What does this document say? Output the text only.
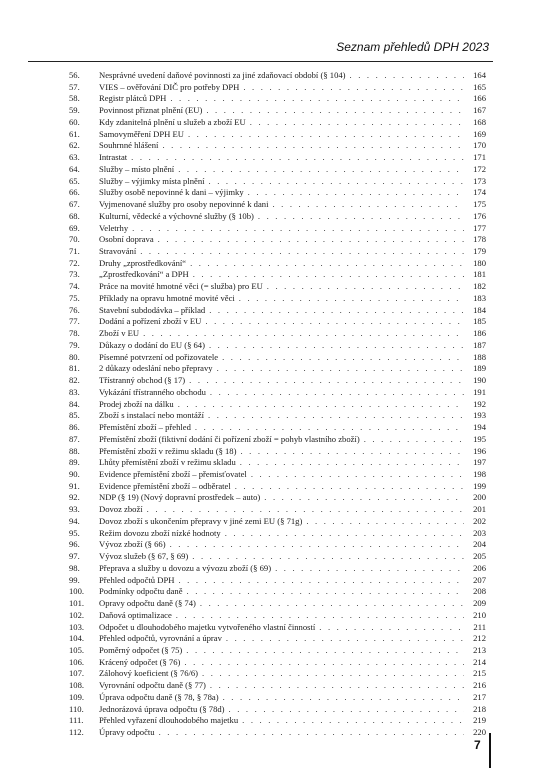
Seznam přehledů DPH 2023
56.	Nesprávné uvedení daňové povinnosti za jiné zdaňovací období (§ 104) . . .	164
57.	VIES – ověřování DIČ pro potřeby DPH . . .	165
58.	Registr plátců DPH . . .	166
59.	Povinnost přiznat plnění (EU) . . .	167
60.	Kdy zdanitelná plnění u služeb a zboží EU . . .	168
61.	Samovyměření DPH EU . . .	169
62.	Souhrnné hlášení . . .	170
63.	Intrastat . . .	171
64.	Služby – místo plnění . . .	172
65.	Služby – výjimky místa plnění . . .	173
66.	Služby osobě nepovinné k dani – výjimky . . .	174
67.	Vyjmenované služby pro osoby nepovinné k dani . . .	175
68.	Kulturní, vědecké a výchovné služby (§ 10b) . . .	176
69.	Veletrhy . . .	177
70.	Osobní doprava . . .	178
71.	Stravování . . .	179
72.	Druhy „zprostředkování“ . . .	180
73.	„Zprostředkování“ a DPH . . .	181
74.	Práce na movité hmotné věci (= služba) pro EU . . .	182
75.	Příklady na opravu hmotné movité věci . . .	183
76.	Stavební subdodávka – příklad . . .	184
77.	Dodání a pořízení zboží v EU . . .	185
78.	Zboží v EU . . .	186
79.	Důkazy o dodání do EU (§ 64) . . .	187
80.	Písemné potvrzení od pořizovatele . . .	188
81.	2 důkazy odeslání nebo přepravy . . .	189
82.	Třístranný obchod (§ 17) . . .	190
83.	Vykázání třístranného obchodu . . .	191
84.	Prodej zboží na dálku . . .	192
85.	Zboží s instalací nebo montáží . . .	193
86.	Přemístění zboží – přehled . . .	194
87.	Přemístění zboží (fiktivní dodání či pořízení zboží = pohyb vlastního zboží) . . .	195
88.	Přemístění zboží v režimu skladu (§ 18) . . .	196
89.	Lhůty přemístění zboží v režimu skladu . . .	197
90.	Evidence přemístění zboží – přemisťovatel . . .	198
91.	Evidence přemístění zboží – odběratel . . .	199
92.	NDP (§ 19) (Nový dopravní prostředek – auto) . . .	200
93.	Dovoz zboží . . .	201
94.	Dovoz zboží s ukončením přepravy v jiné zemi EU (§ 71g) . . .	202
95.	Režim dovozu zboží nízké hodnoty . . .	203
96.	Vývoz zboží (§ 66) . . .	204
97.	Vývoz služeb (§ 67, § 69) . . .	205
98.	Přeprava a služby u dovozu a vývozu zboží (§ 69) . . .	206
99.	Přehled odpočtů DPH . . .	207
100.	Podmínky odpočtu daně . . .	208
101.	Opravy odpočtu daně (§ 74) . . .	209
102.	Daňová optimalizace . . .	210
103.	Odpočet u dlouhodobého majetku vytvořeného vlastní činností . . .	211
104.	Přehled odpočtů, vyrovnání a úprav . . .	212
105.	Poměrný odpočet (§ 75) . . .	213
106.	Krácený odpočet (§ 76) . . .	214
107.	Zálohový koeficient (§ 76/6) . . .	215
108.	Vyrovnání odpočtu daně (§ 77) . . .	216
109.	Úprava odpočtu daně (§ 78, § 78a) . . .	217
110.	Jednorázová úprava odpočtu (§ 78d) . . .	218
111.	Přehled vyřazení dlouhodobého majetku . . .	219
112.	Úpravy odpočtu . . .	220
7
